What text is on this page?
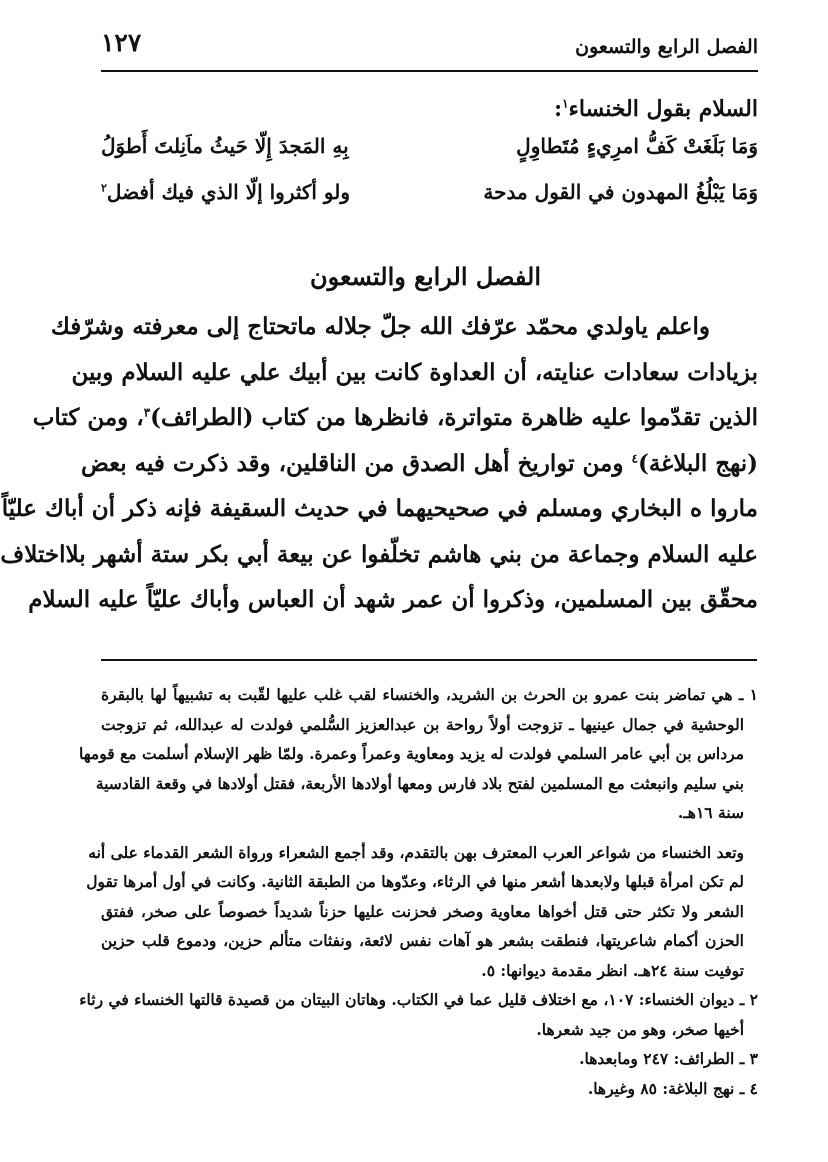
الفصل الرابع والتسعون
١٢٧
السلام بقول الخنساء$^١$:
وَمَا بَلَغَتْ كَفُّ امرِيءٍ مُتَطاوِلٍ
بِهِ المَجدَ إِلّا حَيثُ ماَنِلتَ أَطوَلُ
وَمَا يَبْلُغُ المهدون في القول مدحة
ولو أكثروا إلّا الذي فيك أفضل$^٢$
الفصل الرابع والتسعون
واعلم ياولدي محمّد عرّفك الله جلّ جلاله ماتحتاج إلى معرفته وشرّفك
بزيادات سعادات عنايته، أن العداوة كانت بين أبيك علي عليه السلام وبين
الذين تقدّموا عليه ظاهرة متواترة، فانظرها من كتاب (الطرائف)$^٣$، ومن كتاب
(نهج البلاغة)$^٤$ ومن تواريخ أهل الصدق من الناقلين، وقد ذكرت فيه بعض
ماروا ه البخاري ومسلم في صحيحيهما في حديث السقيفة فإنه ذكر أن أباك عليّاً
عليه السلام وجماعة من بني هاشم تخلّفوا عن بيعة أبي بكر ستة أشهر بلااختلاف
محقّق بين المسلمين، وذكروا أن عمر شهد أن العباس وأباك عليّاً عليه السلام
١ ـ هي تماضر بنت عمرو بن الحرث بن الشريد، والخنساء لقب غلب عليها لقّبت به تشبيهاً لها بالبقرة
الوحشية في جمال عينيها ـ تزوجت أولاً رواحة بن عبدالعزيز السُّلمي فولدت له عبدالله، ثم تزوجت
مرداس بن أبي عامر السلمي فولدت له يزيد ومعاوية وعمراً وعمرة. ولمّا ظهر الإسلام أسلمت مع قومها
بني سليم وانبعثت مع المسلمين لفتح بلاد فارس ومعها أولادها الأربعة، فقتل أولادها في وقعة القادسية
سنة ١٦هـ.
وتعد الخنساء من شواعر العرب المعترف بهن بالتقدم، وقد أجمع الشعراء ورواة الشعر القدماء على أنه
لم تكن امرأة قبلها ولابعدها أشعر منها في الرثاء، وعدّوها من الطبقة الثانية. وكانت في أول أمرها تقول
الشعر ولا تكثر حتى قتل أخواها معاوية وصخر فحزنت عليها حزناً شديداً خصوصاً على صخر، ففتق
الحزن أكمام شاعريتها، فنطقت بشعر هو آهات نفس لائعة، ونفثات متألم حزين، ودموع قلب حزين
توفيت سنة ٢٤هـ. انظر مقدمة ديوانها: ٥.
٢ ـ ديوان الخنساء: ١٠٧، مع اختلاف قليل عما في الكتاب. وهاتان البيتان من قصيدة قالتها الخنساء في رثاء
أخيها صخر، وهو من جيد شعرها.
٣ ـ الطرائف: ٢٤٧ ومابعدها.
٤ ـ نهج البلاغة: ٨٥ وغيرها.
